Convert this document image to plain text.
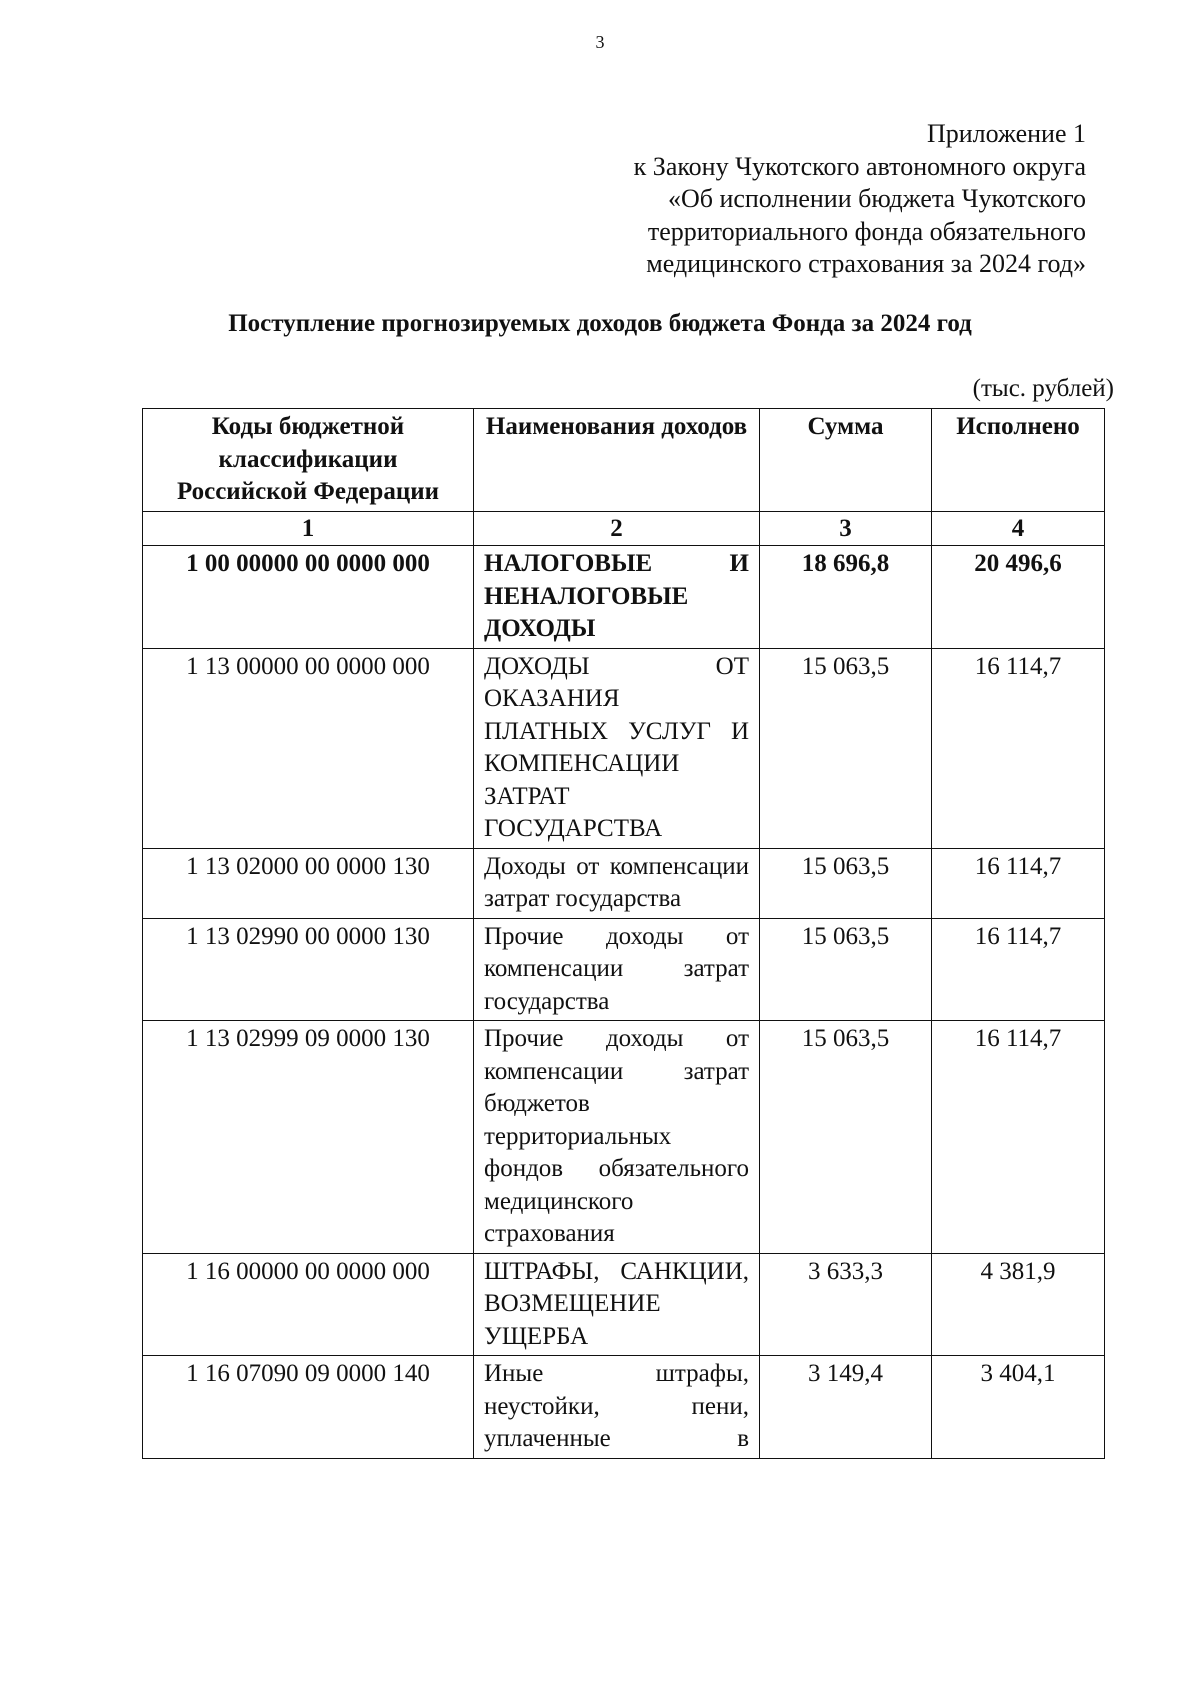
3
Приложение 1
к Закону Чукотского автономного округа
«Об исполнении бюджета Чукотского
территориального фонда обязательного
медицинского страхования за 2024 год»
Поступление прогнозируемых доходов бюджета Фонда за 2024 год
(тыс. рублей)
Коды бюджетной классификации Российской Федерации	Наименования доходов	Сумма	Исполнено
1	2	3	4
1 00 00000 00 0000 000	НАЛОГОВЫЕ И НЕНАЛОГОВЫЕ ДОХОДЫ	18 696,8	20 496,6
1 13 00000 00 0000 000	ДОХОДЫ ОТ ОКАЗАНИЯ ПЛАТНЫХ УСЛУГ И КОМПЕНСАЦИИ ЗАТРАТ ГОСУДАРСТВА	15 063,5	16 114,7
1 13 02000 00 0000 130	Доходы от компенсации затрат государства	15 063,5	16 114,7
1 13 02990 00 0000 130	Прочие доходы от компенсации затрат государства	15 063,5	16 114,7
1 13 02999 09 0000 130	Прочие доходы от компенсации затрат бюджетов территориальных фондов обязательного медицинского страхования	15 063,5	16 114,7
1 16 00000 00 0000 000	ШТРАФЫ, САНКЦИИ, ВОЗМЕЩЕНИЕ УЩЕРБА	3 633,3	4 381,9
1 16 07090 09 0000 140	Иные штрафы, неустойки, пени, уплаченные в	3 149,4	3 404,1
